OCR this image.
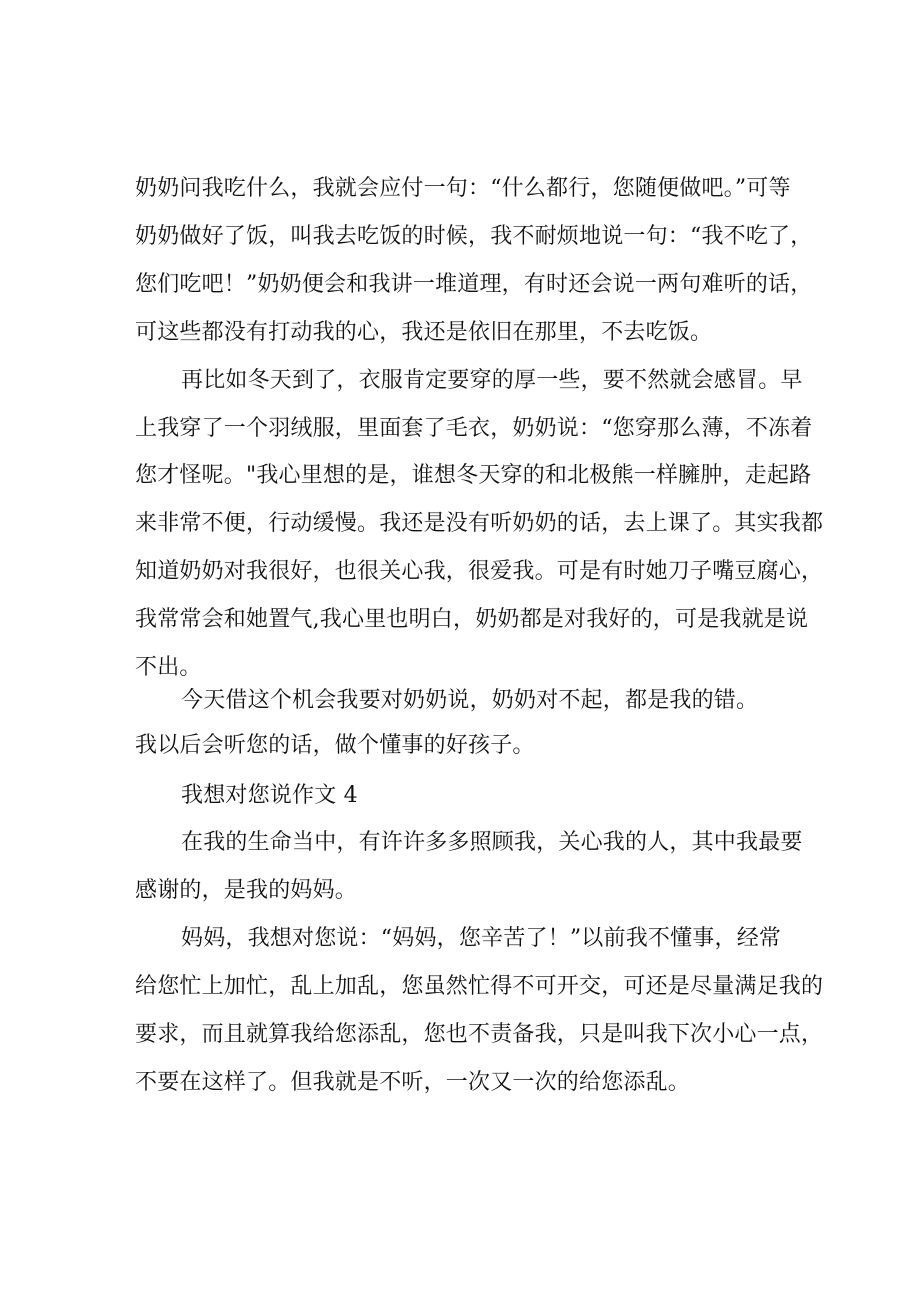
奶奶问我吃什么，我就会应付一句：“什么都行，您随便做吧。”可等
奶奶做好了饭，叫我去吃饭的时候，我不耐烦地说一句：“我不吃了，
您们吃吧！”奶奶便会和我讲一堆道理，有时还会说一两句难听的话，
可这些都没有打动我的心，我还是依旧在那里，不去吃饭。
再比如冬天到了，衣服肯定要穿的厚一些，要不然就会感冒。早
上我穿了一个羽绒服，里面套了毛衣，奶奶说：“您穿那么薄，不冻着
您才怪呢。"我心里想的是，谁想冬天穿的和北极熊一样臃肿，走起路
来非常不便，行动缓慢。我还是没有听奶奶的话，去上课了。其实我都
知道奶奶对我很好，也很关心我，很爱我。可是有时她刀子嘴豆腐心，
我常常会和她置气,我心里也明白，奶奶都是对我好的，可是我就是说
不出。
今天借这个机会我要对奶奶说，奶奶对不起，都是我的错。
我以后会听您的话，做个懂事的好孩子。
我想对您说作文 4
在我的生命当中，有许许多多照顾我，关心我的人，其中我最要
感谢的，是我的妈妈。
妈妈，我想对您说：“妈妈，您辛苦了！”以前我不懂事，经常
给您忙上加忙，乱上加乱，您虽然忙得不可开交，可还是尽量满足我的
要求，而且就算我给您添乱，您也不责备我，只是叫我下次小心一点，
不要在这样了。但我就是不听，一次又一次的给您添乱。
